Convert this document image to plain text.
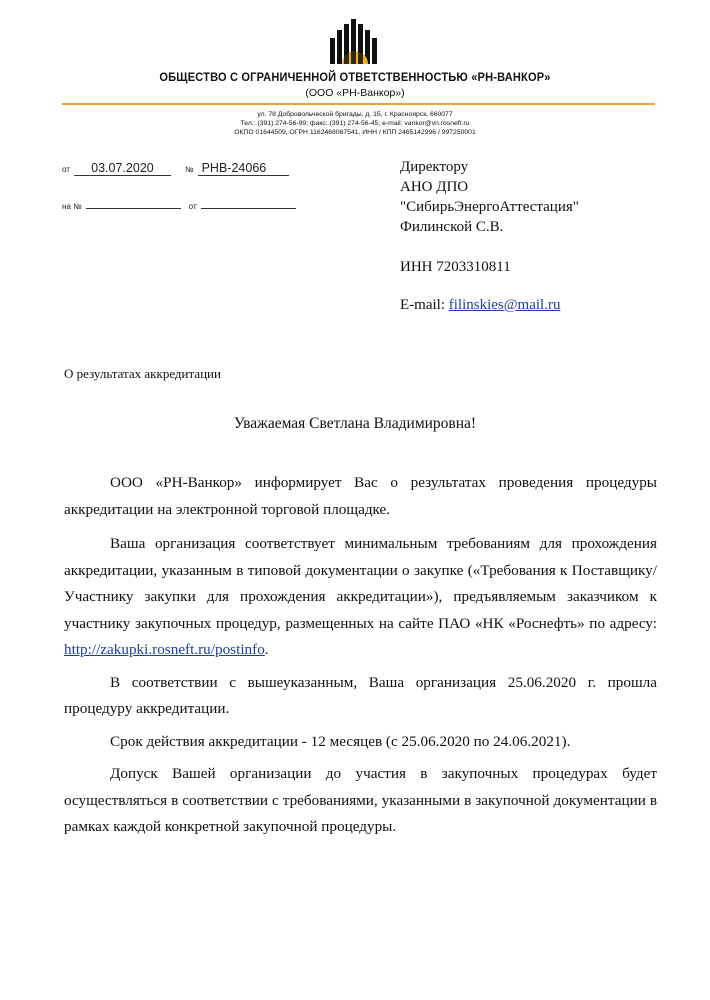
ОБЩЕСТВО С ОГРАНИЧЕННОЙ ОТВЕТСТВЕННОСТЬЮ «РН-ВАНКОР»
(ООО «РН-Ванкор»)
ул. 78 Добровольческой бригады, д. 15, г. Красноярск, 660077
Тел.: (391) 274-56-99; факс: (391) 274-56-45; e-mail: vankor@vn.rosneft.ru
ОКПО 01644509, ОГРН 1162468067541, ИНН / КПП 2465142996 / 997250001
от 03.07.2020	№ РНВ-24066
на №	от
Директору
АНО ДПО
"СибирьЭнергоАттестация"
Филинской С.В.
ИНН 7203310811
E-mail: filinskies@mail.ru
О результатах аккредитации
Уважаемая Светлана Владимировна!

ООО «РН-Ванкор» информирует Вас о результатах проведения процедуры аккредитации на электронной торговой площадке.

Ваша организация соответствует минимальным требованиям для прохождения аккредитации, указанным в типовой документации о закупке («Требования к Поставщику/Участнику закупки для прохождения аккредитации»), предъявляемым заказчиком к участнику закупочных процедур, размещенных на сайте ПАО «НК «Роснефть» по адресу: http://zakupki.rosneft.ru/postinfo.

В соответствии с вышеуказанным, Ваша организация 25.06.2020 г. прошла процедуру аккредитации.

Срок действия аккредитации - 12 месяцев (с 25.06.2020 по 24.06.2021).

Допуск Вашей организации до участия в закупочных процедурах будет осуществляться в соответствии с требованиями, указанными в закупочной документации в рамках каждой конкретной закупочной процедуры.
